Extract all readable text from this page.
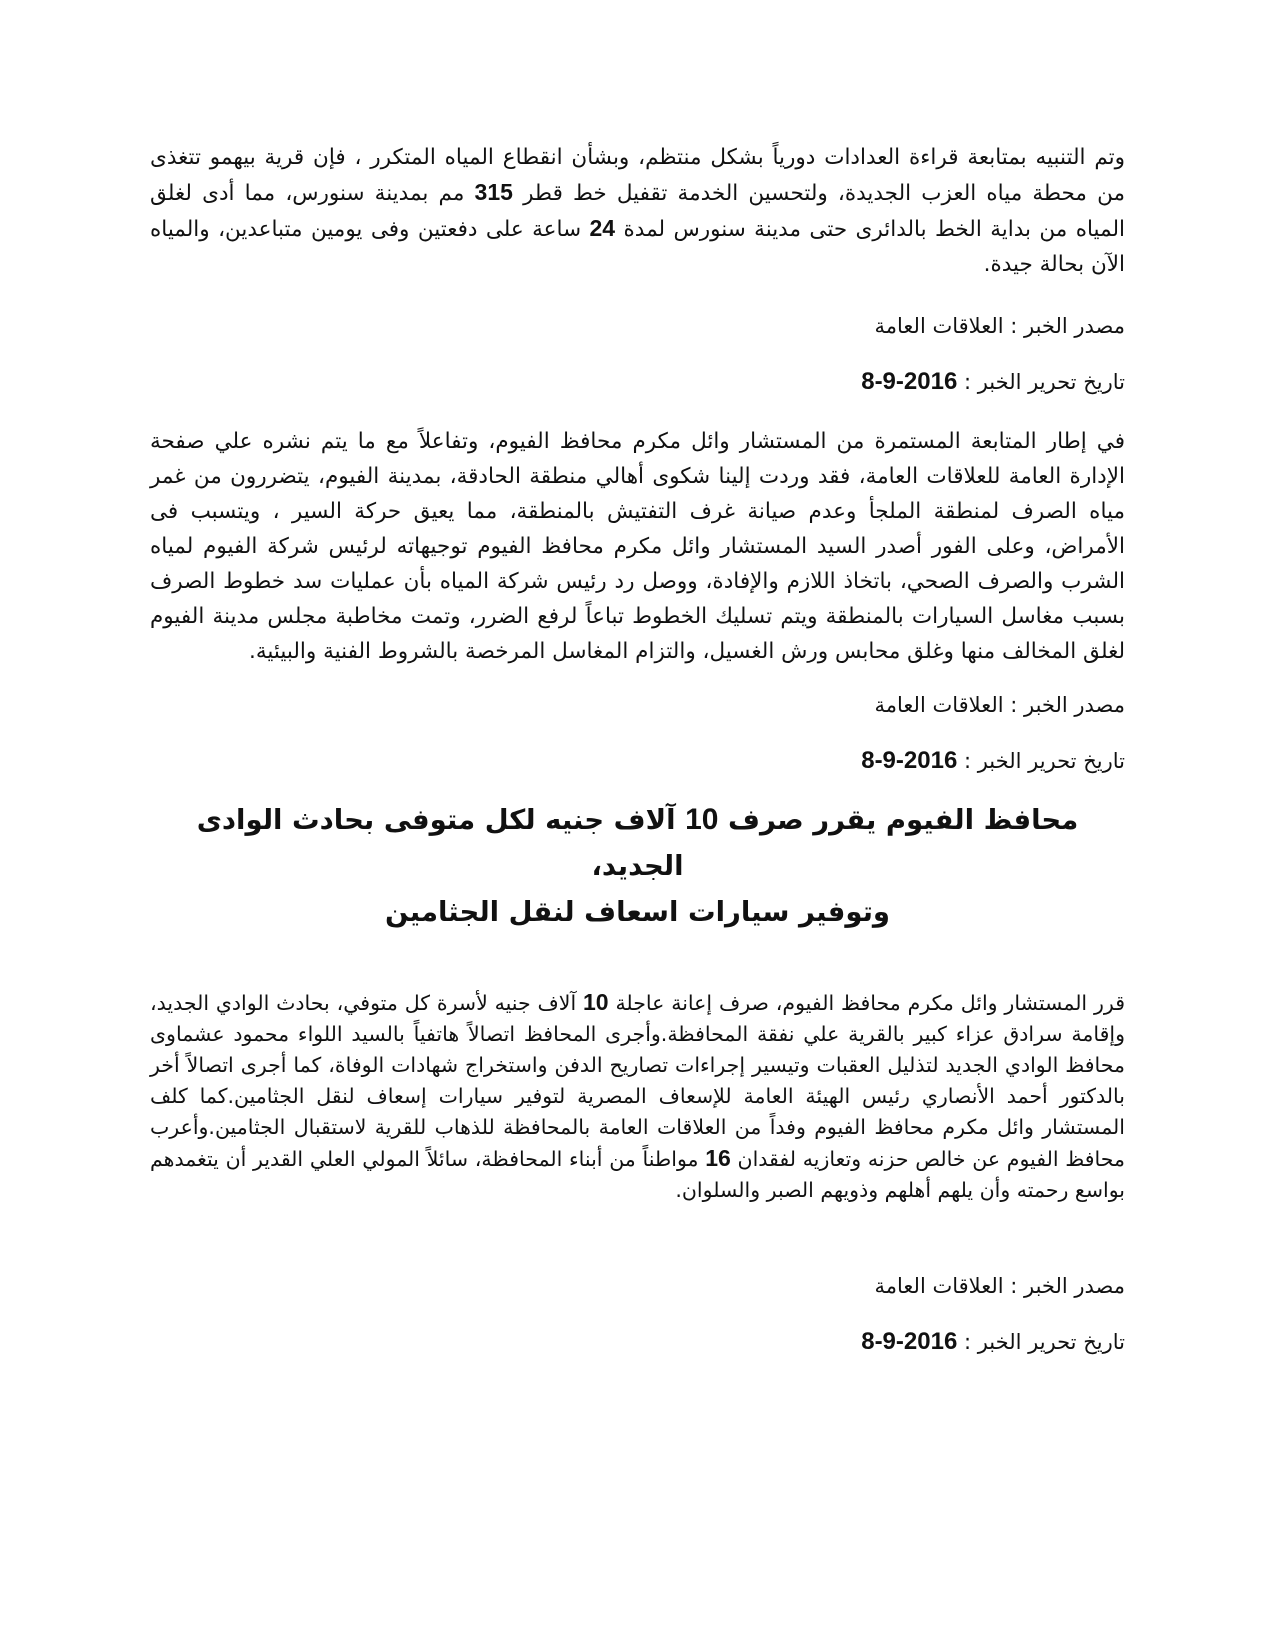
وتم التنبيه بمتابعة قراءة العدادات دورياً بشكل منتظم، وبشأن انقطاع المياه المتكرر ، فإن قرية بيهمو تتغذى من محطة مياه العزب الجديدة، ولتحسين الخدمة تقفيل خط قطر 315 مم بمدينة سنورس، مما أدى لغلق المياه من بداية الخط بالدائرى حتى مدينة سنورس لمدة 24 ساعة على دفعتين وفى يومين متباعدين، والمياه الآن بحالة جيدة.

مصدر الخبر : العلاقات العامة

تاريخ تحرير الخبر : 8-9-2016

في إطار المتابعة المستمرة من المستشار وائل مكرم محافظ الفيوم، وتفاعلاً مع ما يتم نشره علي صفحة الإدارة العامة للعلاقات العامة، فقد وردت إلينا شكوى أهالي منطقة الحادقة، بمدينة الفيوم، يتضررون من غمر مياه الصرف لمنطقة الملجأ وعدم صيانة غرف التفتيش بالمنطقة، مما يعيق حركة السير ، ويتسبب فى الأمراض، وعلى الفور أصدر السيد المستشار وائل مكرم محافظ الفيوم توجيهاته لرئيس شركة الفيوم لمياه الشرب والصرف الصحي، باتخاذ اللازم والإفادة، ووصل رد رئيس شركة المياه بأن عمليات سد خطوط الصرف بسبب مغاسل السيارات بالمنطقة ويتم تسليك الخطوط تباعاً لرفع الضرر، وتمت مخاطبة مجلس مدينة الفيوم لغلق المخالف منها وغلق محابس ورش الغسيل، والتزام المغاسل المرخصة بالشروط الفنية والبيئية.

مصدر الخبر : العلاقات العامة

تاريخ تحرير الخبر : 8-9-2016

محافظ الفيوم يقرر صرف 10 آلاف جنيه لكل متوفى بحادث الوادى الجديد،
وتوفير سيارات اسعاف لنقل الجثامين

قرر المستشار وائل مكرم محافظ الفيوم، صرف إعانة عاجلة 10 آلاف جنيه لأسرة كل متوفي، بحادث الوادي الجديد، وإقامة سرادق عزاء كبير بالقرية علي نفقة المحافظة.وأجرى المحافظ اتصالاً هاتفياً بالسيد اللواء محمود عشماوى محافظ الوادي الجديد لتذليل العقبات وتيسير إجراءات تصاريح الدفن واستخراج شهادات الوفاة، كما أجرى اتصالاً أخر بالدكتور أحمد الأنصاري رئيس الهيئة العامة للإسعاف المصرية لتوفير سيارات إسعاف لنقل الجثامين.كما كلف المستشار وائل مكرم محافظ الفيوم وفداً من العلاقات العامة بالمحافظة للذهاب للقرية لاستقبال الجثامين.وأعرب محافظ الفيوم عن خالص حزنه وتعازيه لفقدان 16 مواطناً من أبناء المحافظة، سائلاً المولي العلي القدير أن يتغمدهم بواسع رحمته وأن يلهم أهلهم وذويهم الصبر والسلوان.

مصدر الخبر : العلاقات العامة

تاريخ تحرير الخبر : 8-9-2016
